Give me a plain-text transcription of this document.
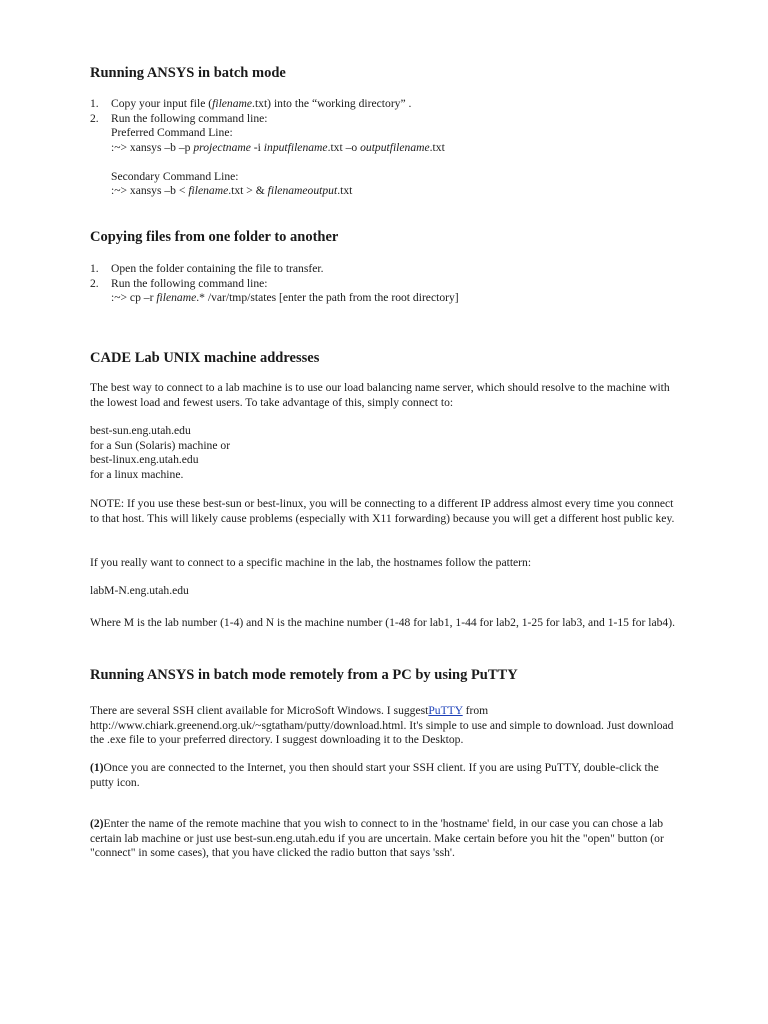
Running ANSYS in batch mode
1. Copy your input file (filename.txt) into the “working directory” .
2. Run the following command line:
Preferred Command Line:
:~> xansys –b –p projectname -i inputfilename.txt –o outputfilename.txt
Secondary Command Line:
:~> xansys –b < filename.txt > & filenameoutput.txt
Copying files from one folder to another
1. Open the folder containing the file to transfer.
2. Run the following command line:
:~> cp –r filename.* /var/tmp/states [enter the path from the root directory]
CADE Lab UNIX machine addresses

The best way to connect to a lab machine is to use our load balancing name server, which should resolve to the machine with the lowest load and fewest users. To take advantage of this, simply connect to:

best-sun.eng.utah.edu
for a Sun (Solaris) machine or
best-linux.eng.utah.edu
for a linux machine.

NOTE: If you use these best-sun or best-linux, you will be connecting to a different IP address almost every time you connect to that host. This will likely cause problems (especially with X11 forwarding) because you will get a different host public key.

If you really want to connect to a specific machine in the lab, the hostnames follow the pattern:

labM-N.eng.utah.edu

Where M is the lab number (1-4) and N is the machine number (1-48 for lab1, 1-44 for lab2, 1-25 for lab3, and 1-15 for lab4).

Running ANSYS in batch mode remotely from a PC by using PuTTY

There are several SSH client available for MicroSoft Windows. I suggestPuTTY from http://www.chiark.greenend.org.uk/~sgtatham/putty/download.html. It's simple to use and simple to download. Just download the .exe file to your preferred directory. I suggest downloading it to the Desktop.

(1)Once you are connected to the Internet, you then should start your SSH client. If you are using PuTTY, double-click the putty icon.

(2)Enter the name of the remote machine that you wish to connect to in the 'hostname' field, in our case you can chose a lab certain lab machine or just use best-sun.eng.utah.edu if you are uncertain. Make certain before you hit the "open" button (or "connect" in some cases), that you have clicked the radio button that says 'ssh'.
